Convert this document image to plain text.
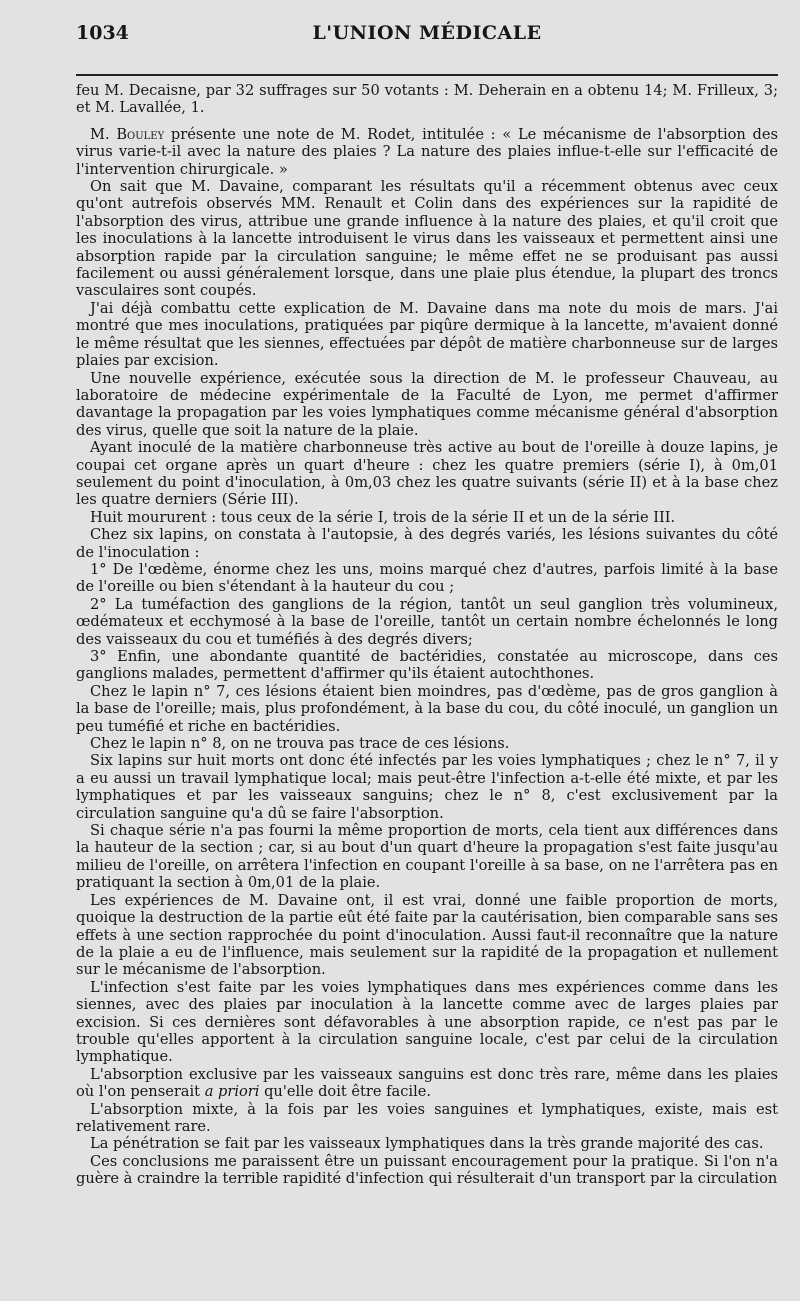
1034	L'UNION MÉDICALE

feu M. Decaisne, par 32 suffrages sur 50 votants : M. Deherain en a obtenu 14; M. Frilleux, 3; et M. Lavallée, 1.

M. Bouley présente une note de M. Rodet, intitulée : « Le mécanisme de l'absorption des virus varie-t-il avec la nature des plaies ? La nature des plaies influe-t-elle sur l'efficacité de l'intervention chirurgicale. »

On sait que M. Davaine, comparant les résultats qu'il a récemment obtenus avec ceux qu'ont autrefois observés MM. Renault et Colin dans des expériences sur la rapidité de l'absorption des virus, attribue une grande influence à la nature des plaies, et qu'il croit que les inoculations à la lancette introduisent le virus dans les vaisseaux et permettent ainsi une absorption rapide par la circulation sanguine; le même effet ne se produisant pas aussi facilement ou aussi généralement lorsque, dans une plaie plus étendue, la plupart des troncs vasculaires sont coupés.

J'ai déjà combattu cette explication de M. Davaine dans ma note du mois de mars. J'ai montré que mes inoculations, pratiquées par piqûre dermique à la lancette, m'avaient donné le même résultat que les siennes, effectuées par dépôt de matière charbonneuse sur de larges plaies par excision.

Une nouvelle expérience, exécutée sous la direction de M. le professeur Chauveau, au laboratoire de médecine expérimentale de la Faculté de Lyon, me permet d'affirmer davantage la propagation par les voies lymphatiques comme mécanisme général d'absorption des virus, quelle que soit la nature de la plaie.

Ayant inoculé de la matière charbonneuse très active au bout de l'oreille à douze lapins, je coupai cet organe après un quart d'heure : chez les quatre premiers (série I), à 0m,01 seulement du point d'inoculation, à 0m,03 chez les quatre suivants (série II) et à la base chez les quatre derniers (Série III).

Huit moururent : tous ceux de la série I, trois de la série II et un de la série III.

Chez six lapins, on constata à l'autopsie, à des degrés variés, les lésions suivantes du côté de l'inoculation :

1° De l'œdème, énorme chez les uns, moins marqué chez d'autres, parfois limité à la base de l'oreille ou bien s'étendant à la hauteur du cou ;

2° La tuméfaction des ganglions de la région, tantôt un seul ganglion très volumineux, œdémateux et ecchymosé à la base de l'oreille, tantôt un certain nombre échelonnés le long des vaisseaux du cou et tuméfiés à des degrés divers;

3° Enfin, une abondante quantité de bactéridies, constatée au microscope, dans ces ganglions malades, permettent d'affirmer qu'ils étaient autochthones.

Chez le lapin n° 7, ces lésions étaient bien moindres, pas d'œdème, pas de gros ganglion à la base de l'oreille; mais, plus profondément, à la base du cou, du côté inoculé, un ganglion un peu tuméfié et riche en bactéridies.

Chez le lapin n° 8, on ne trouva pas trace de ces lésions.

Six lapins sur huit morts ont donc été infectés par les voies lymphatiques ; chez le n° 7, il y a eu aussi un travail lymphatique local; mais peut-être l'infection a-t-elle été mixte, et par les lymphatiques et par les vaisseaux sanguins; chez le n° 8, c'est exclusivement par la circulation sanguine qu'a dû se faire l'absorption.

Si chaque série n'a pas fourni la même proportion de morts, cela tient aux différences dans la hauteur de la section ; car, si au bout d'un quart d'heure la propagation s'est faite jusqu'au milieu de l'oreille, on arrêtera l'infection en coupant l'oreille à sa base, on ne l'arrêtera pas en pratiquant la section à 0m,01 de la plaie.

Les expériences de M. Davaine ont, il est vrai, donné une faible proportion de morts, quoique la destruction de la partie eût été faite par la cautérisation, bien comparable sans ses effets à une section rapprochée du point d'inoculation. Aussi faut-il reconnaître que la nature de la plaie a eu de l'influence, mais seulement sur la rapidité de la propagation et nullement sur le mécanisme de l'absorption.

L'infection s'est faite par les voies lymphatiques dans mes expériences comme dans les siennes, avec des plaies par inoculation à la lancette comme avec de larges plaies par excision. Si ces dernières sont défavorables à une absorption rapide, ce n'est pas par le trouble qu'elles apportent à la circulation sanguine locale, c'est par celui de la circulation lymphatique.

L'absorption exclusive par les vaisseaux sanguins est donc très rare, même dans les plaies où l'on penserait a priori qu'elle doit être facile.

L'absorption mixte, à la fois par les voies sanguines et lymphatiques, existe, mais est relativement rare.

La pénétration se fait par les vaisseaux lymphatiques dans la très grande majorité des cas.

Ces conclusions me paraissent être un puissant encouragement pour la pratique. Si l'on n'a guère à craindre la terrible rapidité d'infection qui résulterait d'un transport par la circulation
